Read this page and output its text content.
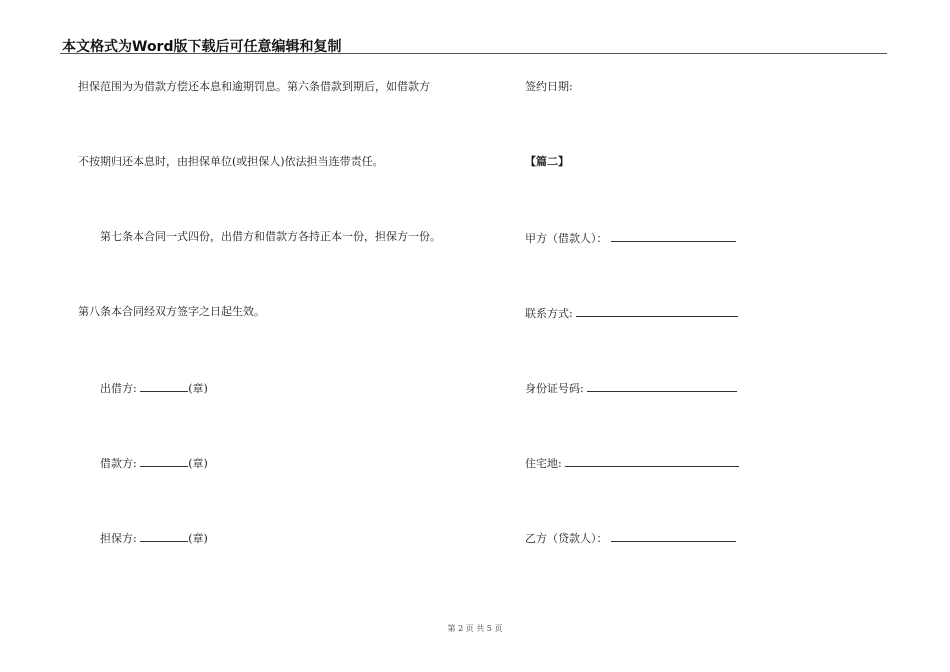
本文格式为Word版下载后可任意编辑和复制
担保范围为为借款方偿还本息和逾期罚息。第六条借款到期后，如借款方
不按期归还本息时，由担保单位(或担保人)依法担当连带责任。
第七条本合同一式四份，出借方和借款方各持正本一份，担保方一份。
第八条本合同经双方签字之日起生效。
出借方:	(章)
借款方:	(章)
担保方:	(章)
签约日期:
【篇二】
甲方（借款人）：
联系方式:
身份证号码:
住宅地:
乙方（贷款人）：
第 2 页 共 5 页
